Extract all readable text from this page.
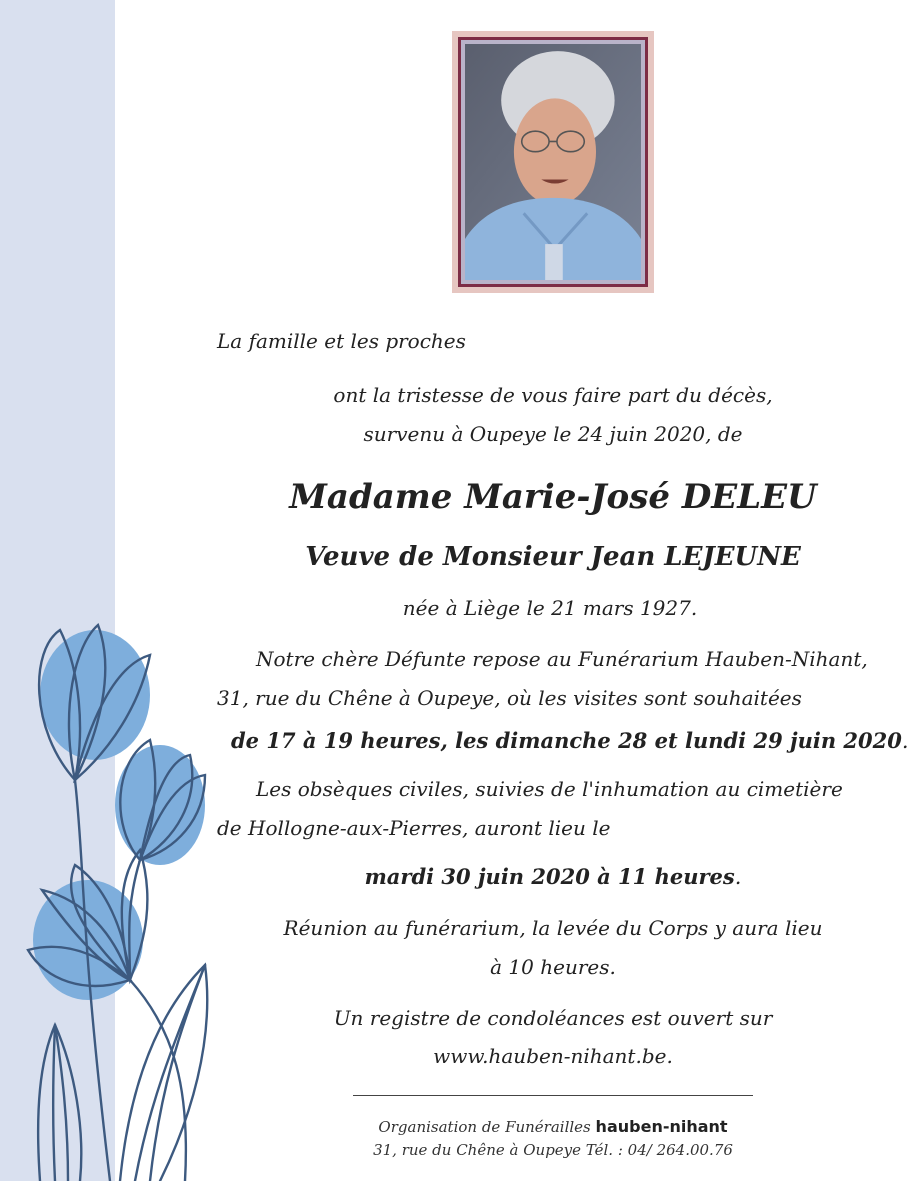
La famille et les proches

ont la tristesse de vous faire part du décès,

survenu à Oupeye le 24 juin 2020, de

Madame Marie-José DELEU
Veuve de Monsieur Jean LEJEUNE

née à Liège le 21 mars 1927.

Notre chère Défunte repose au Funérarium Hauben-Nihant,

31, rue du Chêne à Oupeye, où les visites sont souhaitées

de 17 à 19 heures, les dimanche 28 et lundi 29 juin 2020.

Les obsèques civiles, suivies de l'inhumation au cimetière

de Hollogne-aux-Pierres, auront lieu le

mardi 30 juin 2020 à 11 heures.

Réunion au funérarium, la levée du Corps y aura lieu

à 10 heures.

Un registre de condoléances est ouvert sur

www.hauben-nihant.be.

Organisation de Funérailles hauben-nihant

31, rue du Chêne à Oupeye Tél. : 04/ 264.00.76
